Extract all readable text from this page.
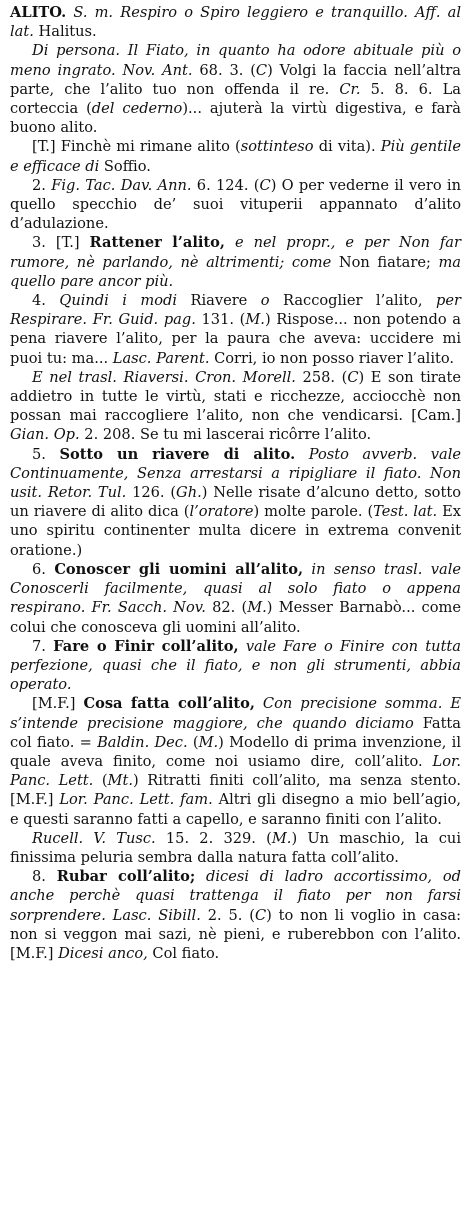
ALITO. S. m. Respiro o Spiro leggiero e tranquillo. Aff. al lat. Halitus.

Di persona. Il Fiato, in quanto ha odore abituale più o meno ingrato. Nov. Ant. 68. 3. (C) Volgi la faccia nell’altra parte, che l’alito tuo non offenda il re. Cr. 5. 8. 6. La corteccia (del cederno)... ajuterà la virtù digestiva, e farà buono alito.

[T.] Finchè mi rimane alito (sottinteso di vita). Più gentile e efficace di Soffio.

2. Fig. Tac. Dav. Ann. 6. 124. (C) O per vederne il vero in quello specchio de’ suoi vituperii appannato d’alito d’adulazione.

3. [T.] Rattener l’alito, e nel propr., e per Non far rumore, nè parlando, nè altrimenti; come Non fiatare; ma quello pare ancor più.

4. Quindi i modi Riavere o Raccoglier l’alito, per Respirare. Fr. Guid. pag. 131. (M.) Rispose... non potendo a pena riavere l’alito, per la paura che aveva: uccidere mi puoi tu: ma... Lasc. Parent. Corri, io non posso riaver l’alito.

E nel trasl. Riaversi. Cron. Morell. 258. (C) E son tirate addietro in tutte le virtù, stati e ricchezze, acciocchè non possan mai raccogliere l’alito, non che vendicarsi. [Cam.] Gian. Op. 2. 208. Se tu mi lascerai ricôrre l’alito.

5. Sotto un riavere di alito. Posto avverb. vale Continuamente, Senza arrestarsi a ripigliare il fiato. Non usit. Retor. Tul. 126. (Gh.) Nelle risate d’alcuno detto, sotto un riavere di alito dica (l’oratore) molte parole. (Test. lat. Ex uno spiritu continenter multa dicere in extrema convenit oratione.)

6. Conoscer gli uomini all’alito, in senso trasl. vale Conoscerli facilmente, quasi al solo fiato o appena respirano. Fr. Sacch. Nov. 82. (M.) Messer Barnabò... come colui che conosceva gli uomini all’alito.

7. Fare o Finir coll’alito, vale Fare o Finire con tutta perfezione, quasi che il fiato, e non gli strumenti, abbia operato.

[M.F.] Cosa fatta coll’alito, Con precisione somma. E s’intende precisione maggiore, che quando diciamo Fatta col fiato. = Baldin. Dec. (M.) Modello di prima invenzione, il quale aveva finito, come noi usiamo dire, coll’alito. Lor. Panc. Lett. (Mt.) Ritratti finiti coll’alito, ma senza stento. [M.F.] Lor. Panc. Lett. fam. Altri gli disegno a mio bell’agio, e questi saranno fatti a capello, e saranno finiti con l’alito.

Rucell. V. Tusc. 15. 2. 329. (M.) Un maschio, la cui finissima peluria sembra dalla natura fatta coll’alito.

8. Rubar coll’alito; dicesi di ladro accortissimo, od anche perchè quasi trattenga il fiato per non farsi sorprendere. Lasc. Sibill. 2. 5. (C) to non li voglio in casa: non si veggon mai sazi, nè pieni, e ruberebbon con l’alito. [M.F.] Dicesi anco, Col fiato.
